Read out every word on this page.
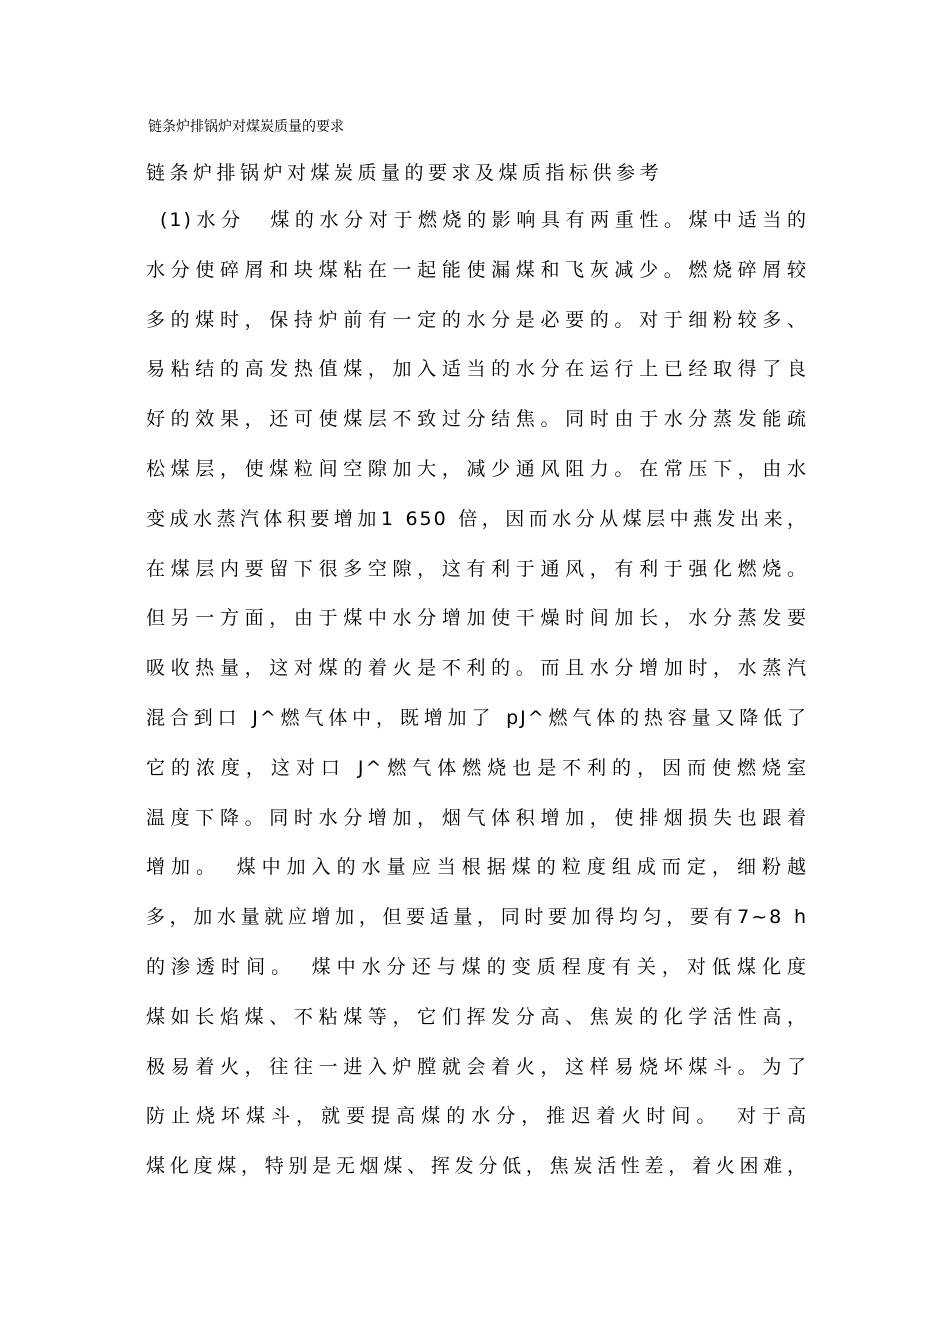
链条炉排锅炉对煤炭质量的要求
链条炉排锅炉对煤炭质量的要求及煤质指标供参考
(1)水分　煤的水分对于燃烧的影响具有两重性。煤中适当的
水分使碎屑和块煤粘在一起能使漏煤和飞灰减少。燃烧碎屑较
多的煤时，保持炉前有一定的水分是必要的。对于细粉较多、
易粘结的高发热值煤，加入适当的水分在运行上已经取得了良
好的效果，还可使煤层不致过分结焦。同时由于水分蒸发能疏
松煤层，使煤粒间空隙加大，减少通风阻力。在常压下，由水
变成水蒸汽体积要增加1 650 倍，因而水分从煤层中燕发出来，
在煤层内要留下很多空隙，这有利于通风，有利于强化燃烧。
但另一方面，由于煤中水分增加使干燥时间加长，水分蒸发要
吸收热量，这对煤的着火是不利的。而且水分增加时，水蒸汽
混合到口 J^燃气体中，既增加了 pJ^燃气体的热容量又降低了
它的浓度，这对口 J^燃气体燃烧也是不利的，因而使燃烧室
温度下降。同时水分增加，烟气体积增加，使排烟损失也跟着
增加。　煤中加入的水量应当根据煤的粒度组成而定，细粉越
多，加水量就应增加，但要适量，同时要加得均匀，要有7~8 h
的渗透时间。　煤中水分还与煤的变质程度有关，对低煤化度
煤如长焰煤、不粘煤等，它们挥发分高、焦炭的化学活性高，
极易着火，往往一进入炉膛就会着火，这样易烧坏煤斗。为了
防止烧坏煤斗，就要提高煤的水分，推迟着火时间。　对于高
煤化度煤，特别是无烟煤、挥发分低，焦炭活性差，着火困难，
